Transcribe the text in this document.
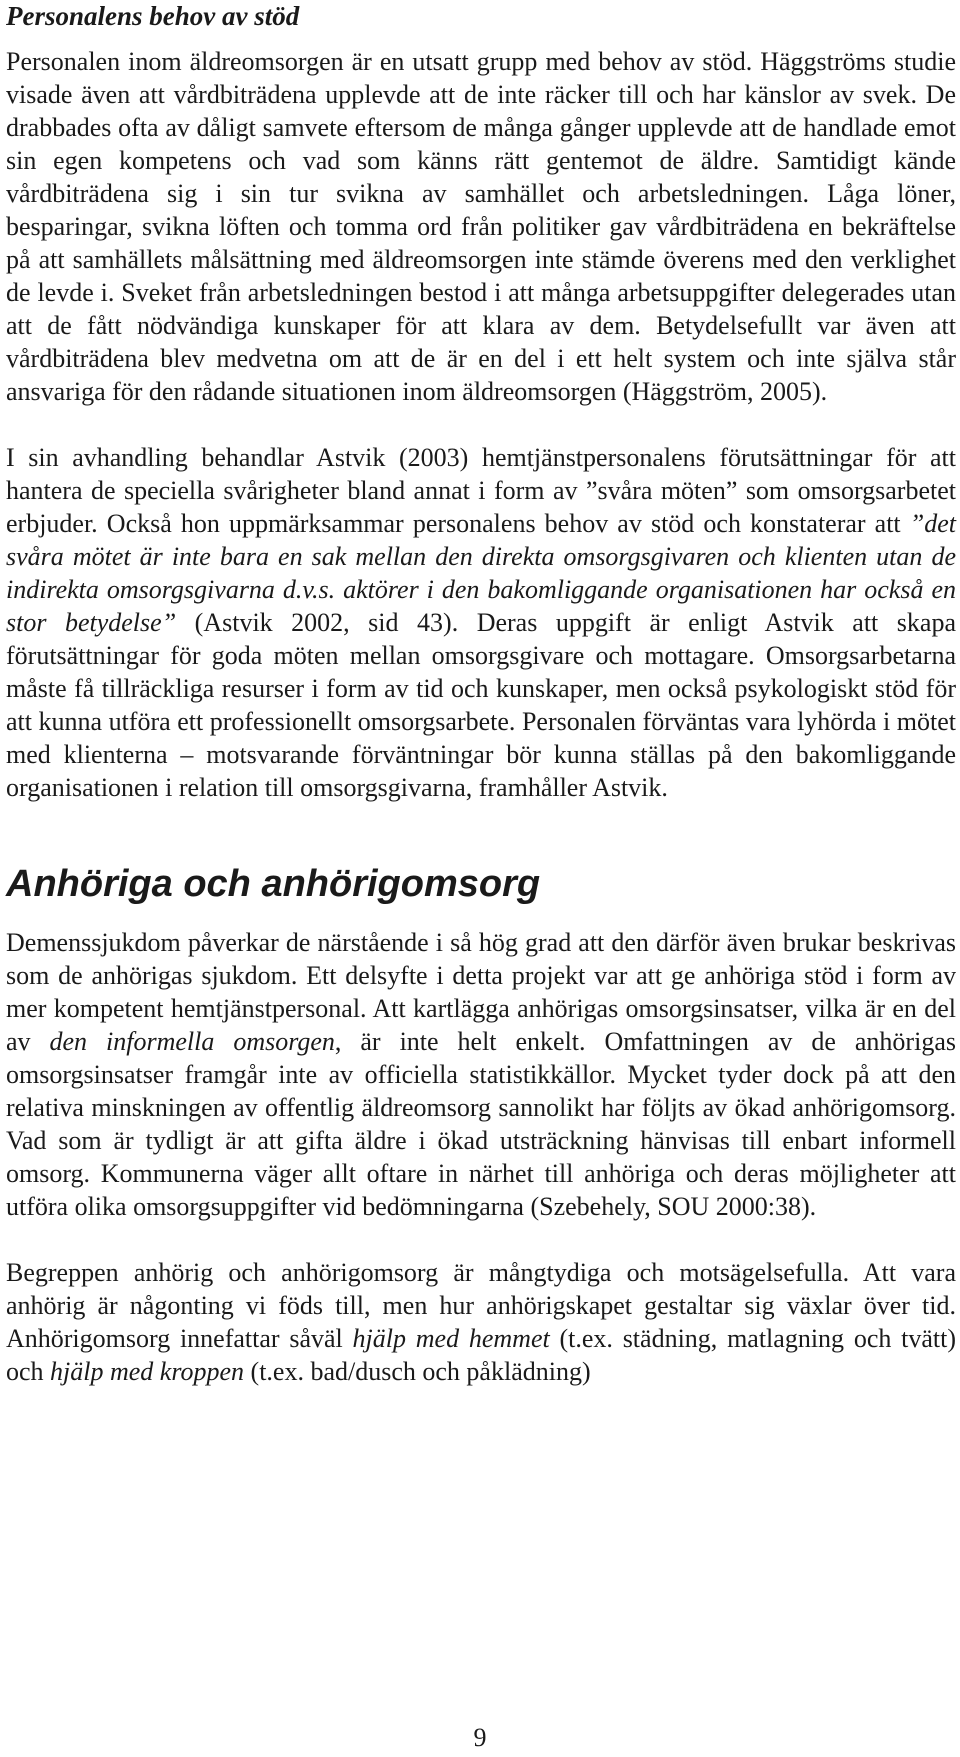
Personalens behov av stöd

Personalen inom äldreomsorgen är en utsatt grupp med behov av stöd. Häggströms studie visade även att vårdbiträdena upplevde att de inte räcker till och har känslor av svek. De drabbades ofta av dåligt samvete eftersom de många gånger upplevde att de handlade emot sin egen kompetens och vad som känns rätt gentemot de äldre. Samtidigt kände vårdbiträdena sig i sin tur svikna av samhället och arbetsledningen. Låga löner, besparingar, svikna löften och tomma ord från politiker gav vårdbiträdena en bekräftelse på att samhällets målsättning med äldreomsorgen inte stämde överens med den verklighet de levde i. Sveket från arbetsledningen bestod i att många arbetsuppgifter delegerades utan att de fått nödvändiga kunskaper för att klara av dem. Betydelsefullt var även att vårdbiträdena blev medvetna om att de är en del i ett helt system och inte själva står ansvariga för den rådande situationen inom äldreomsorgen (Häggström, 2005).

I sin avhandling behandlar Astvik (2003) hemtjänstpersonalens förutsättningar för att hantera de speciella svårigheter bland annat i form av ”svåra möten” som omsorgsarbetet erbjuder. Också hon uppmärksammar personalens behov av stöd och konstaterar att ”det svåra mötet är inte bara en sak mellan den direkta omsorgsgivaren och klienten utan de indirekta omsorgsgivarna d.v.s. aktörer i den bakomliggande organisationen har också en stor betydelse” (Astvik 2002, sid 43). Deras uppgift är enligt Astvik att skapa förutsättningar för goda möten mellan omsorgsgivare och mottagare. Omsorgsarbetarna måste få tillräckliga resurser i form av tid och kunskaper, men också psykologiskt stöd för att kunna utföra ett professionellt omsorgsarbete. Personalen förväntas vara lyhörda i mötet med klienterna – motsvarande förväntningar bör kunna ställas på den bakomliggande organisationen i relation till omsorgsgivarna, framhåller Astvik.

Anhöriga och anhörigomsorg

Demenssjukdom påverkar de närstående i så hög grad att den därför även brukar beskrivas som de anhörigas sjukdom. Ett delsyfte i detta projekt var att ge anhöriga stöd i form av mer kompetent hemtjänstpersonal. Att kartlägga anhörigas omsorgsinsatser, vilka är en del av den informella omsorgen, är inte helt enkelt. Omfattningen av de anhörigas omsorgsinsatser framgår inte av officiella statistikkällor. Mycket tyder dock på att den relativa minskningen av offentlig äldreomsorg sannolikt har följts av ökad anhörigomsorg. Vad som är tydligt är att gifta äldre i ökad utsträckning hänvisas till enbart informell omsorg. Kommunerna väger allt oftare in närhet till anhöriga och deras möjligheter att utföra olika omsorgsuppgifter vid bedömningarna (Szebehely, SOU 2000:38).

Begreppen anhörig och anhörigomsorg är mångtydiga och motsägelsefulla. Att vara anhörig är någonting vi föds till, men hur anhörigskapet gestaltar sig växlar över tid. Anhörigomsorg innefattar såväl hjälp med hemmet (t.ex. städning, matlagning och tvätt) och hjälp med kroppen (t.ex. bad/dusch och påklädning)

9
